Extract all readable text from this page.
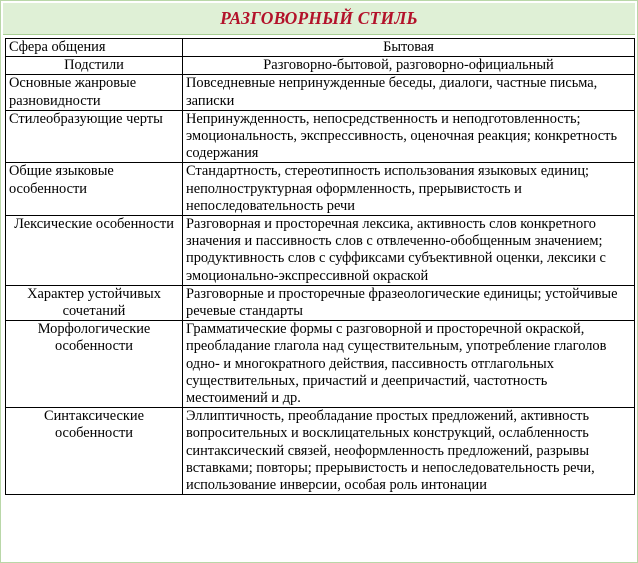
РАЗГОВОРНЫЙ СТИЛЬ
Сфера общения	Бытовая
Подстили	Разговорно-бытовой, разговорно-официальный
Основные жанровые разновидности	Повседневные непринужденные беседы, диалоги, частные письма, записки
Стилеобразующие черты	Непринужденность, непосредственность и неподготовленность; эмоциональность, экспрессивность, оценочная реакция; конкретность содержания
Общие языковые особенности	Стандартность, стереотипность использования языковых единиц; неполноструктурная оформленность, прерывистость и непоследовательность речи
Лексические особенности	Разговорная и просторечная лексика, активность слов конкретного значения и пассивность слов с отвлеченно-обобщенным значением; продуктивность слов с суффиксами субъективной оценки, лексики с эмоционально-экспрессивной окраской
Характер устойчивых сочетаний	Разговорные и просторечные фразеологические единицы; устойчивые речевые стандарты
Морфологические особенности	Грамматические формы с разговорной и просторечной окраской, преобладание глагола над существительным, употребление глаголов одно- и многократного действия, пассивность отглагольных существительных, причастий и деепричастий, частотность местоимений и др.
Синтаксические особенности	Эллиптичность, преобладание простых предложений, активность вопросительных и восклицательных конструкций, ослабленность синтаксический связей, неоформленность предложений, разрывы вставками; повторы; прерывистость и непоследовательность речи, использование инверсии, особая роль интонации
